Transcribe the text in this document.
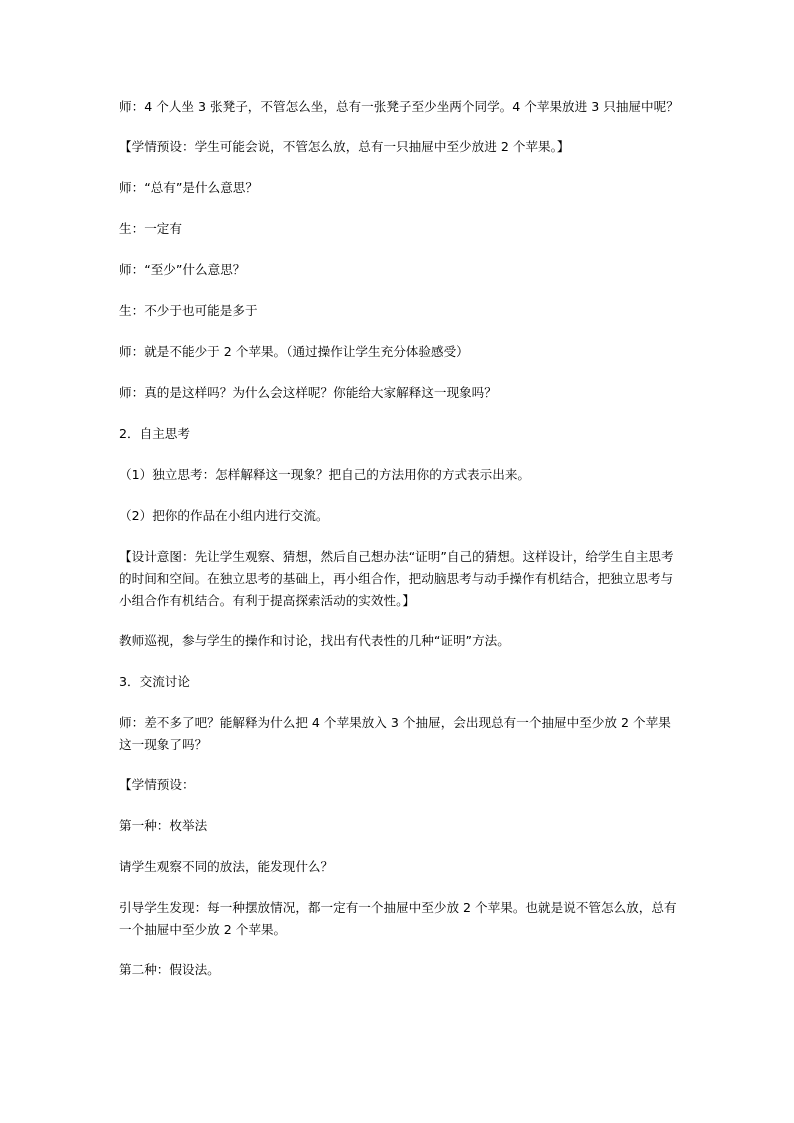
师：4 个人坐 3 张凳子，不管怎么坐，总有一张凳子至少坐两个同学。4 个苹果放进 3 只抽屉中呢？

【学情预设：学生可能会说，不管怎么放，总有一只抽屉中至少放进 2 个苹果。】

师：“总有”是什么意思？

生：一定有

师：“至少”什么意思？

生：不少于也可能是多于

师：就是不能少于 2 个苹果。（通过操作让学生充分体验感受）

师：真的是这样吗？为什么会这样呢？你能给大家解释这一现象吗？

2．自主思考

（1）独立思考：怎样解释这一现象？把自己的方法用你的方式表示出来。

（2）把你的作品在小组内进行交流。

【设计意图：先让学生观察、猜想，然后自己想办法“证明”自己的猜想。这样设计，给学生自主思考的时间和空间。在独立思考的基础上，再小组合作，把动脑思考与动手操作有机结合，把独立思考与小组合作有机结合。有利于提高探索活动的实效性。】

教师巡视，参与学生的操作和讨论，找出有代表性的几种“证明”方法。

3．交流讨论

师：差不多了吧？能解释为什么把 4 个苹果放入 3 个抽屉，会出现总有一个抽屉中至少放 2 个苹果这一现象了吗？

【学情预设：

第一种：枚举法

请学生观察不同的放法，能发现什么？

引导学生发现：每一种摆放情况，都一定有一个抽屉中至少放 2 个苹果。也就是说不管怎么放，总有一个抽屉中至少放 2 个苹果。

第二种：假设法。
